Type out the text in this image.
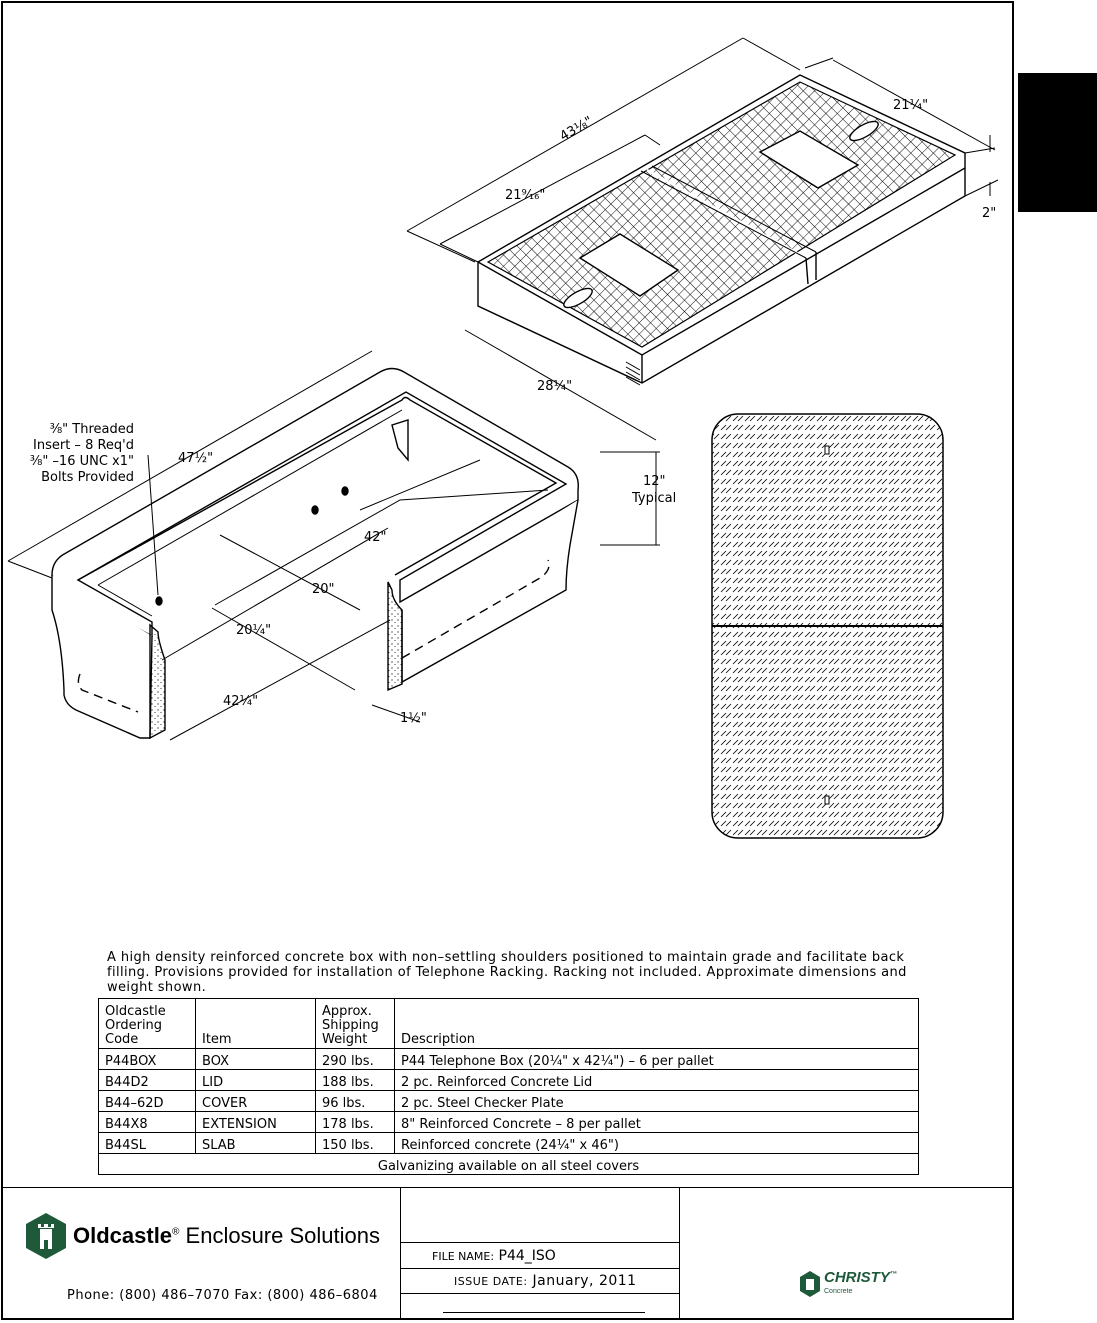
43⅛"
21¼"
21⁹⁄₁₆"
2"
28¼"
47½"
12"
Typical
42"
20"
20¼"
42¼"
1½"
⅜" Threaded
Insert – 8 Req'd
⅜" –16 UNC x1"
Bolts Provided
A high density reinforced concrete box with non–settling shoulders positioned to maintain grade and facilitate back filling. Provisions provided for installation of Telephone Racking. Racking not included. Approximate dimensions and weight shown.
Oldcastle
Ordering
Code	Item	Approx.
Shipping
Weight	Description
P44BOX	BOX	290 lbs.	P44 Telephone Box (20¼" x 42¼") – 6 per pallet
B44D2	LID	188 lbs.	2 pc. Reinforced Concrete Lid
B44–62D	COVER	96 lbs.	2 pc. Steel Checker Plate
B44X8	EXTENSION	178 lbs.	8" Reinforced Concrete – 8 per pallet
B44SL	SLAB	150 lbs.	Reinforced concrete (24¼" x 46")
Galvanizing available on all steel covers			
Oldcastle® Enclosure Solutions
Phone: (800) 486–7070 Fax: (800) 486–6804
FILE NAME: P44_ISO
ISSUE DATE: January, 2011	CHRISTY™
Concrete
